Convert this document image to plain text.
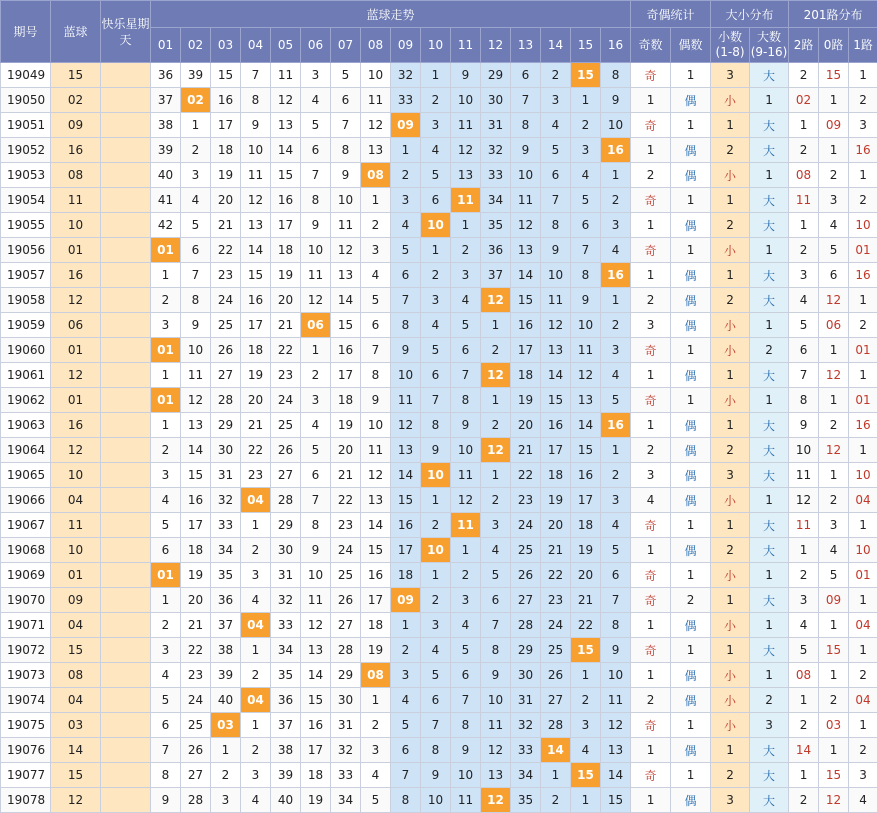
期号	蓝球	快乐星期天	蓝球走势																奇偶统计		大小分布		201路分布		
			01	02	03	04	05	06	07	08	09	10	11	12	13	14	15	16	奇数	偶数	小数(1-8)	大数(9-16)	2路	0路	1路
19049	15		36	39	15	7	11	3	5	10	32	1	9	29	6	2	15	8	奇	1	3	大	2	15	1
19050	02		37	02	16	8	12	4	6	11	33	2	10	30	7	3	1	9	1	偶	小	1	02	1	2
19051	09		38	1	17	9	13	5	7	12	09	3	11	31	8	4	2	10	奇	1	1	大	1	09	3
19052	16		39	2	18	10	14	6	8	13	1	4	12	32	9	5	3	16	1	偶	2	大	2	1	16
19053	08		40	3	19	11	15	7	9	08	2	5	13	33	10	6	4	1	2	偶	小	1	08	2	1
19054	11		41	4	20	12	16	8	10	1	3	6	11	34	11	7	5	2	奇	1	1	大	11	3	2
19055	10		42	5	21	13	17	9	11	2	4	10	1	35	12	8	6	3	1	偶	2	大	1	4	10
19056	01		01	6	22	14	18	10	12	3	5	1	2	36	13	9	7	4	奇	1	小	1	2	5	01
19057	16		1	7	23	15	19	11	13	4	6	2	3	37	14	10	8	16	1	偶	1	大	3	6	16
19058	12		2	8	24	16	20	12	14	5	7	3	4	12	15	11	9	1	2	偶	2	大	4	12	1
19059	06		3	9	25	17	21	06	15	6	8	4	5	1	16	12	10	2	3	偶	小	1	5	06	2
19060	01		01	10	26	18	22	1	16	7	9	5	6	2	17	13	11	3	奇	1	小	2	6	1	01
19061	12		1	11	27	19	23	2	17	8	10	6	7	12	18	14	12	4	1	偶	1	大	7	12	1
19062	01		01	12	28	20	24	3	18	9	11	7	8	1	19	15	13	5	奇	1	小	1	8	1	01
19063	16		1	13	29	21	25	4	19	10	12	8	9	2	20	16	14	16	1	偶	1	大	9	2	16
19064	12		2	14	30	22	26	5	20	11	13	9	10	12	21	17	15	1	2	偶	2	大	10	12	1
19065	10		3	15	31	23	27	6	21	12	14	10	11	1	22	18	16	2	3	偶	3	大	11	1	10
19066	04		4	16	32	04	28	7	22	13	15	1	12	2	23	19	17	3	4	偶	小	1	12	2	04
19067	11		5	17	33	1	29	8	23	14	16	2	11	3	24	20	18	4	奇	1	1	大	11	3	1
19068	10		6	18	34	2	30	9	24	15	17	10	1	4	25	21	19	5	1	偶	2	大	1	4	10
19069	01		01	19	35	3	31	10	25	16	18	1	2	5	26	22	20	6	奇	1	小	1	2	5	01
19070	09		1	20	36	4	32	11	26	17	09	2	3	6	27	23	21	7	奇	2	1	大	3	09	1
19071	04		2	21	37	04	33	12	27	18	1	3	4	7	28	24	22	8	1	偶	小	1	4	1	04
19072	15		3	22	38	1	34	13	28	19	2	4	5	8	29	25	15	9	奇	1	1	大	5	15	1
19073	08		4	23	39	2	35	14	29	08	3	5	6	9	30	26	1	10	1	偶	小	1	08	1	2
19074	04		5	24	40	04	36	15	30	1	4	6	7	10	31	27	2	11	2	偶	小	2	1	2	04
19075	03		6	25	03	1	37	16	31	2	5	7	8	11	32	28	3	12	奇	1	小	3	2	03	1
19076	14		7	26	1	2	38	17	32	3	6	8	9	12	33	14	4	13	1	偶	1	大	14	1	2
19077	15		8	27	2	3	39	18	33	4	7	9	10	13	34	1	15	14	奇	1	2	大	1	15	3
19078	12		9	28	3	4	40	19	34	5	8	10	11	12	35	2	1	15	1	偶	3	大	2	12	4
